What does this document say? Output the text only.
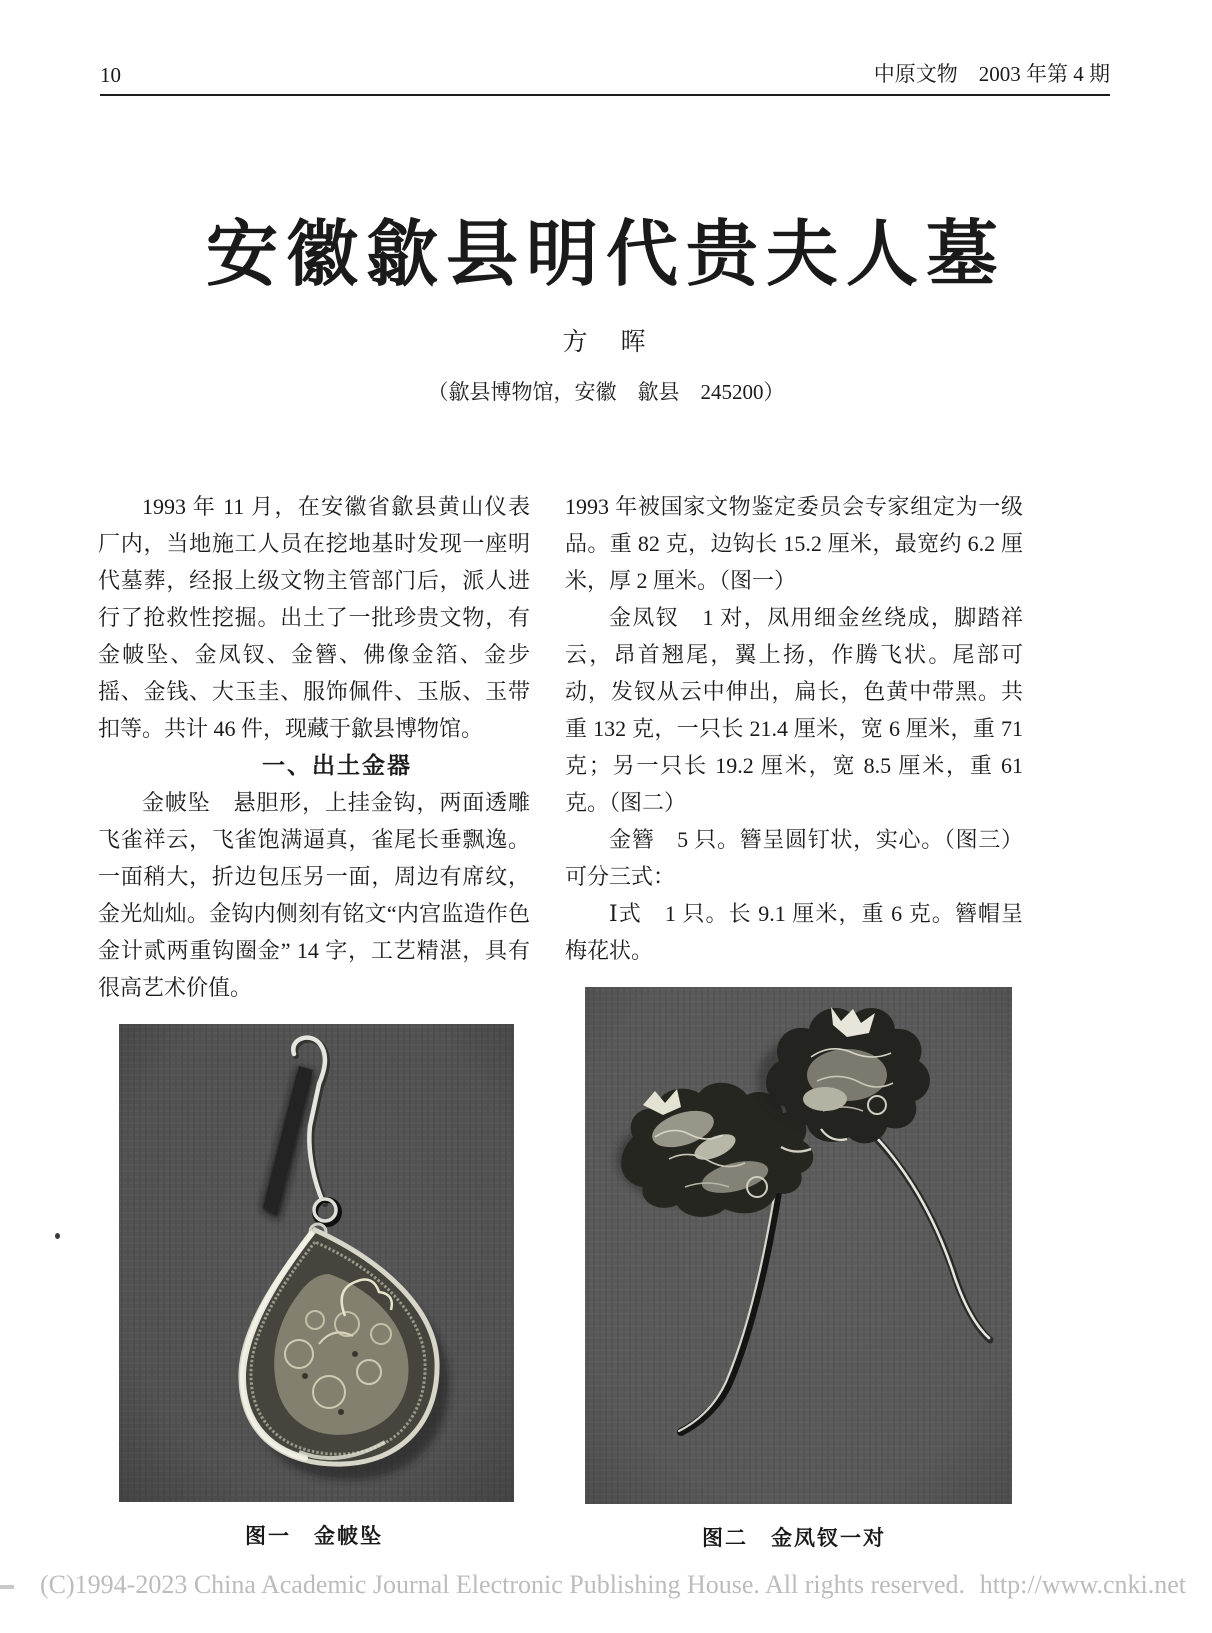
10	中原文物　2003 年第 4 期
安徽歙县明代贵夫人墓
方　晖
（歙县博物馆，安徽　歙县　245200）

1993 年 11 月，在安徽省歙县黄山仪表厂内，当地施工人员在挖地基时发现一座明代墓葬，经报上级文物主管部门后，派人进行了抢救性挖掘。出土了一批珍贵文物，有金帔坠、金凤钗、金簪、佛像金箔、金步摇、金钱、大玉圭、服饰佩件、玉版、玉带扣等。共计 46 件，现藏于歙县博物馆。

一、出土金器

金帔坠　悬胆形，上挂金钩，两面透雕飞雀祥云，飞雀饱满逼真，雀尾长垂飘逸。一面稍大，折边包压另一面，周边有席纹，金光灿灿。金钩内侧刻有铭文“内宫监造作色金计贰两重钩圈金” 14 字，工艺精湛，具有很高艺术价值。

图一　金帔坠

1993 年被国家文物鉴定委员会专家组定为一级品。重 82 克，边钩长 15.2 厘米，最宽约 6.2 厘米，厚 2 厘米。（图一）

金凤钗　1 对，凤用细金丝绕成，脚踏祥云，昂首翘尾，翼上扬，作腾飞状。尾部可动，发钗从云中伸出，扁长，色黄中带黑。共重 132 克，一只长 21.4 厘米，宽 6 厘米，重 71 克；另一只长 19.2 厘米，宽 8.5 厘米，重 61 克。（图二）

金簪　5 只。簪呈圆钉状，实心。（图三）可分三式：

Ⅰ式　1 只。长 9.1 厘米，重 6 克。簪帽呈梅花状。

图二　金凤钗一对
(C)1994-2023 China Academic Journal Electronic Publishing House. All rights reserved. http://www.cnki.net
